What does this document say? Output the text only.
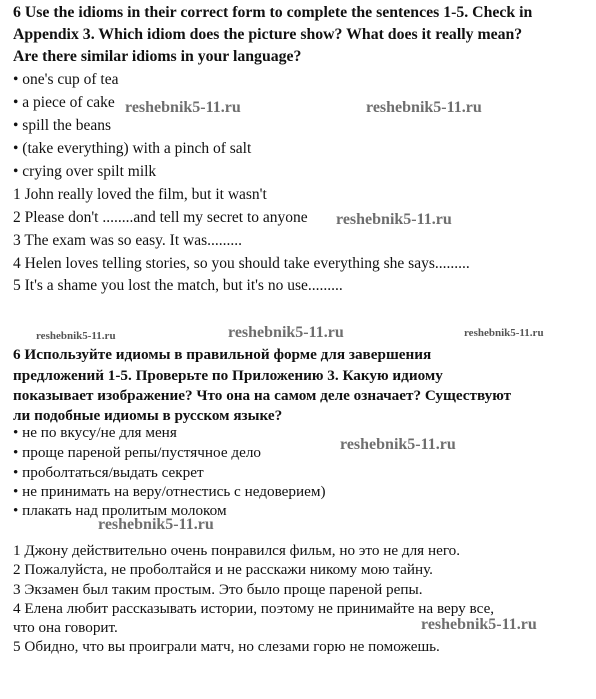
6 Use the idioms in their correct form to complete the sentences 1-5. Check in
Appendix 3. Which idiom does the picture show? What does it really mean?
Are there similar idioms in your language?
• one's cup of tea
• a piece of cake
• spill the beans
• (take everything) with a pinch of salt
• crying over spilt milk
1 John really loved the film, but it wasn't
2 Please don't ........and tell my secret to anyone
3 The exam was so easy. It was.........
4 Helen loves telling stories, so you should take everything she says.........
5 It's a shame you lost the match, but it's no use.........
6 Используйте идиомы в правильной форме для завершения
предложений 1-5. Проверьте по Приложению 3. Какую идиому
показывает изображение? Что она на самом деле означает? Существуют
ли подобные идиомы в русском языке?
• не по вкусу/не для меня
• проще пареной репы/пустячное дело
• проболтаться/выдать секрет
• не принимать на веру/отнестись с недоверием)
• плакать над пролитым молоком
1 Джону действительно очень понравился фильм, но это не для него.
2 Пожалуйста, не проболтайся и не расскажи никому мою тайну.
3 Экзамен был таким простым. Это было проще пареной репы.
4 Елена любит рассказывать истории, поэтому не принимайте на веру все,
что она говорит.
5 Обидно, что вы проиграли матч, но слезами горю не поможешь.
reshebnik5-11.ru	reshebnik5-11.ru
reshebnik5-11.ru
reshebnik5-11.ru	reshebnik5-11.ru	reshebnik5-11.ru
reshebnik5-11.ru
reshebnik5-11.ru
reshebnik5-11.ru
